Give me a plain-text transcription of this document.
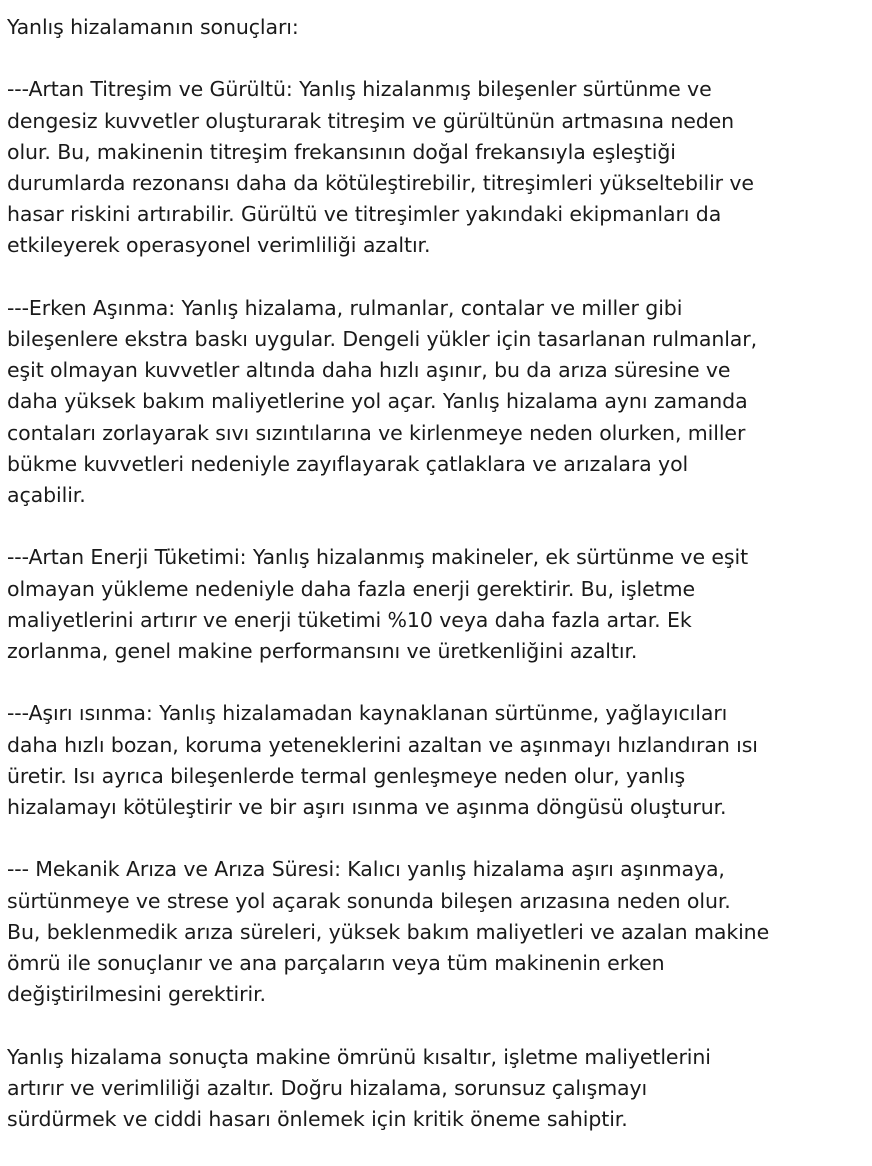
Yanlış hizalamanın sonuçları:
---Artan Titreşim ve Gürültü: Yanlış hizalanmış bileşenler sürtünme ve
dengesiz kuvvetler oluşturarak titreşim ve gürültünün artmasına neden
olur. Bu, makinenin titreşim frekansının doğal frekansıyla eşleştiği
durumlarda rezonansı daha da kötüleştirebilir, titreşimleri yükseltebilir ve
hasar riskini artırabilir. Gürültü ve titreşimler yakındaki ekipmanları da
etkileyerek operasyonel verimliliği azaltır.
---Erken Aşınma: Yanlış hizalama, rulmanlar, contalar ve miller gibi
bileşenlere ekstra baskı uygular. Dengeli yükler için tasarlanan rulmanlar,
eşit olmayan kuvvetler altında daha hızlı aşınır, bu da arıza süresine ve
daha yüksek bakım maliyetlerine yol açar. Yanlış hizalama aynı zamanda
contaları zorlayarak sıvı sızıntılarına ve kirlenmeye neden olurken, miller
bükme kuvvetleri nedeniyle zayıflayarak çatlaklara ve arızalara yol
açabilir.
---Artan Enerji Tüketimi: Yanlış hizalanmış makineler, ek sürtünme ve eşit
olmayan yükleme nedeniyle daha fazla enerji gerektirir. Bu, işletme
maliyetlerini artırır ve enerji tüketimi %10 veya daha fazla artar. Ek
zorlanma, genel makine performansını ve üretkenliğini azaltır.
---Aşırı ısınma: Yanlış hizalamadan kaynaklanan sürtünme, yağlayıcıları
daha hızlı bozan, koruma yeteneklerini azaltan ve aşınmayı hızlandıran ısı
üretir. Isı ayrıca bileşenlerde termal genleşmeye neden olur, yanlış
hizalamayı kötüleştirir ve bir aşırı ısınma ve aşınma döngüsü oluşturur.
--- Mekanik Arıza ve Arıza Süresi: Kalıcı yanlış hizalama aşırı aşınmaya,
sürtünmeye ve strese yol açarak sonunda bileşen arızasına neden olur.
Bu, beklenmedik arıza süreleri, yüksek bakım maliyetleri ve azalan makine
ömrü ile sonuçlanır ve ana parçaların veya tüm makinenin erken
değiştirilmesini gerektirir.
Yanlış hizalama sonuçta makine ömrünü kısaltır, işletme maliyetlerini
artırır ve verimliliği azaltır. Doğru hizalama, sorunsuz çalışmayı
sürdürmek ve ciddi hasarı önlemek için kritik öneme sahiptir.
